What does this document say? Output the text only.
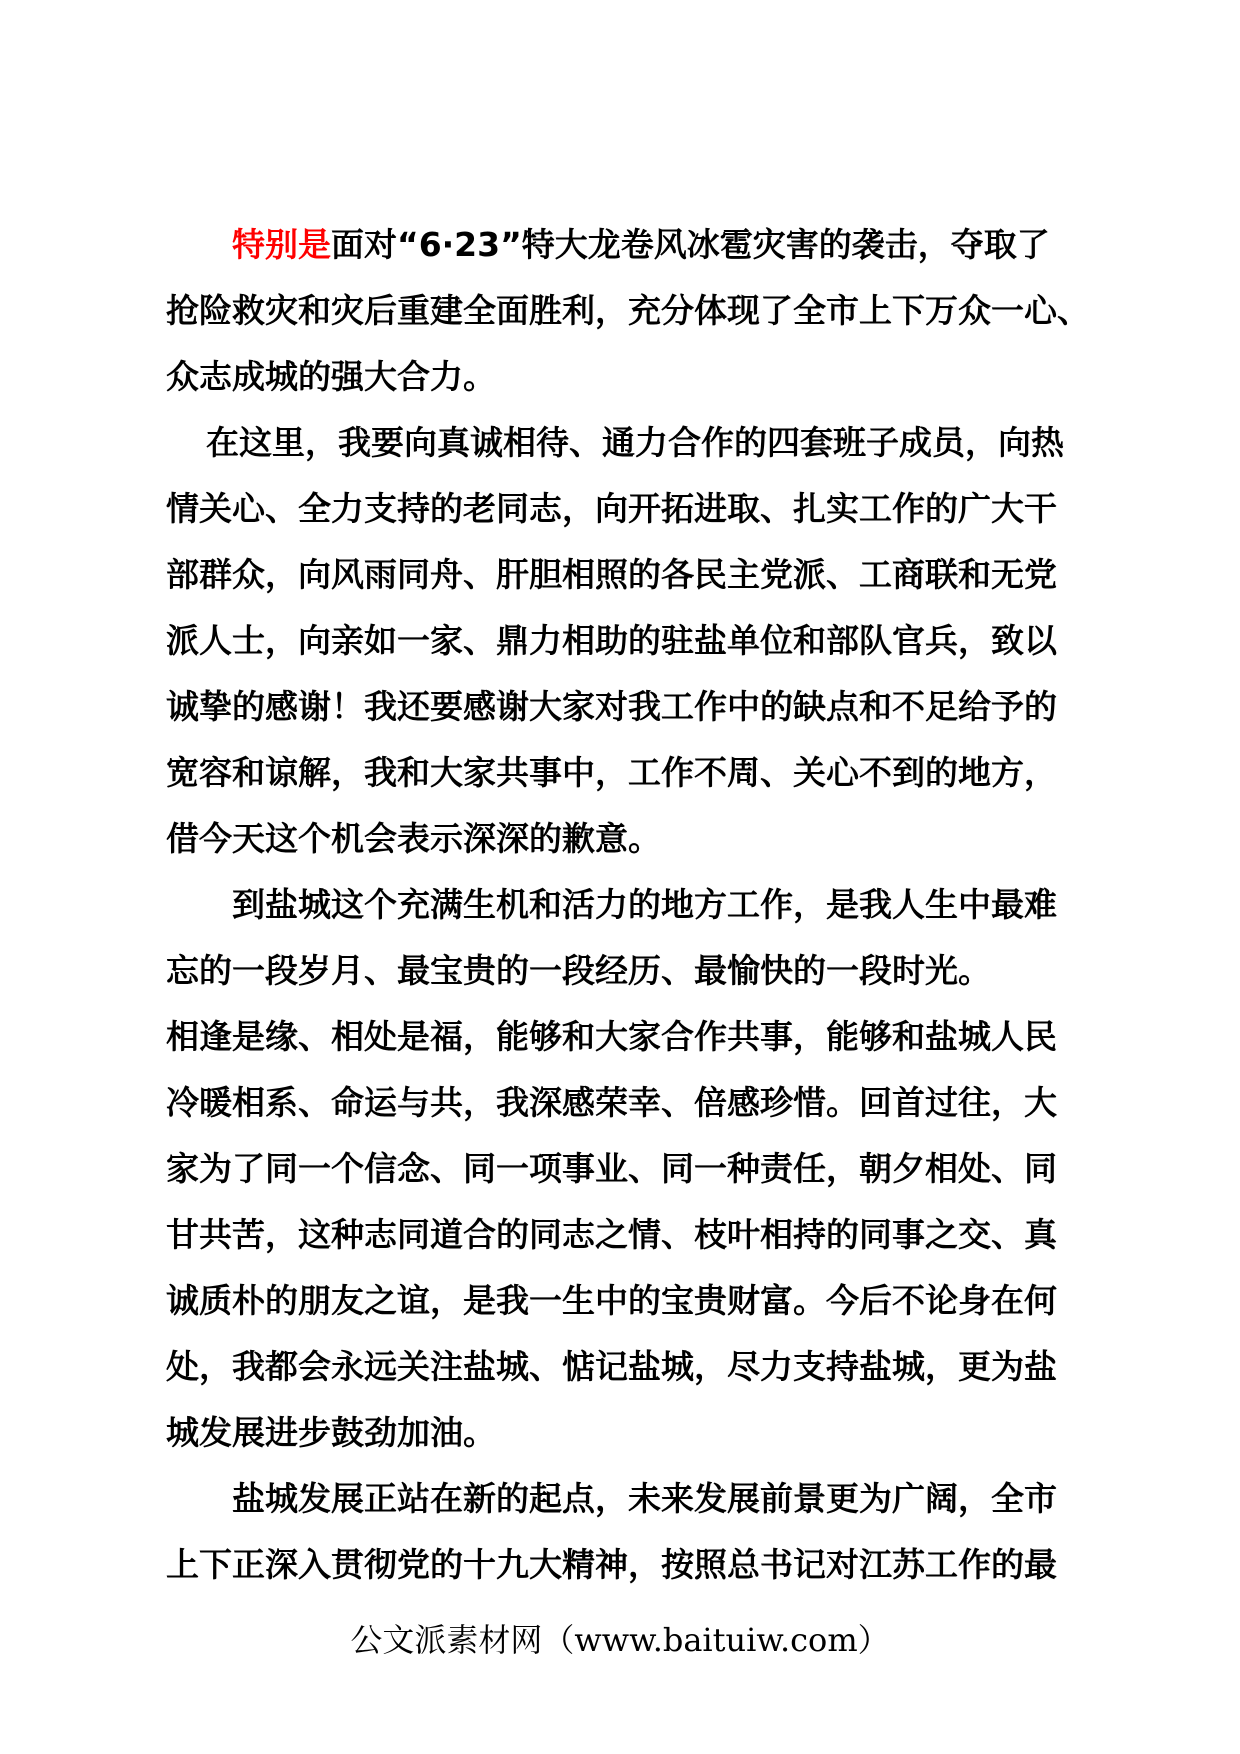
特别是面对“6·23”特大龙卷风冰雹灾害的袭击，夺取了
抢险救灾和灾后重建全面胜利，充分体现了全市上下万众一心、
众志成城的强大合力。
在这里，我要向真诚相待、通力合作的四套班子成员，向热
情关心、全力支持的老同志，向开拓进取、扎实工作的广大干
部群众，向风雨同舟、肝胆相照的各民主党派、工商联和无党
派人士，向亲如一家、鼎力相助的驻盐单位和部队官兵，致以
诚挚的感谢！我还要感谢大家对我工作中的缺点和不足给予的
宽容和谅解，我和大家共事中，工作不周、关心不到的地方，
借今天这个机会表示深深的歉意。
到盐城这个充满生机和活力的地方工作，是我人生中最难
忘的一段岁月、最宝贵的一段经历、最愉快的一段时光。
相逢是缘、相处是福，能够和大家合作共事，能够和盐城人民
冷暖相系、命运与共，我深感荣幸、倍感珍惜。回首过往，大
家为了同一个信念、同一项事业、同一种责任，朝夕相处、同
甘共苦，这种志同道合的同志之情、枝叶相持的同事之交、真
诚质朴的朋友之谊，是我一生中的宝贵财富。今后不论身在何
处，我都会永远关注盐城、惦记盐城，尽力支持盐城，更为盐
城发展进步鼓劲加油。
盐城发展正站在新的起点，未来发展前景更为广阔，全市
上下正深入贯彻党的十九大精神，按照总书记对江苏工作的最
公文派素材网（www.baituiw.com）
